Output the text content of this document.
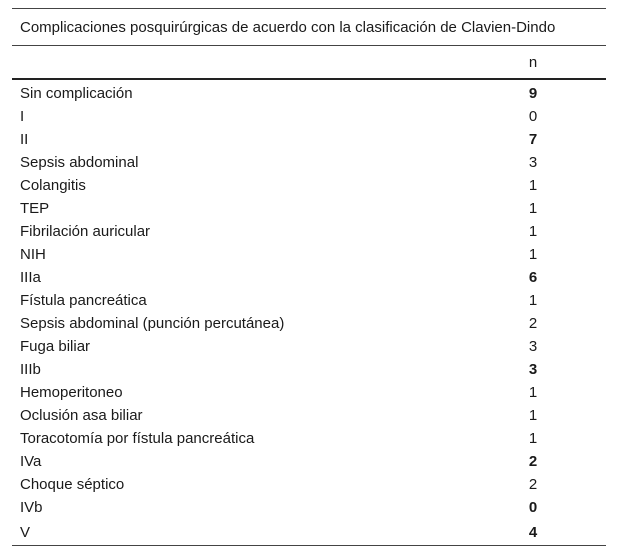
Complicaciones posquirúrgicas de acuerdo con la clasificación de Clavien-Dindo	
	n
Sin complicación	9
I	0
II	7
Sepsis abdominal	3
Colangitis	1
TEP	1
Fibrilación auricular	1
NIH	1
IIIa	6
Fístula pancreática	1
Sepsis abdominal (punción percutánea)	2
Fuga biliar	3
IIIb	3
Hemoperitoneo	1
Oclusión asa biliar	1
Toracotomía por fístula pancreática	1
IVa	2
Choque séptico	2
IVb	0
V	4
